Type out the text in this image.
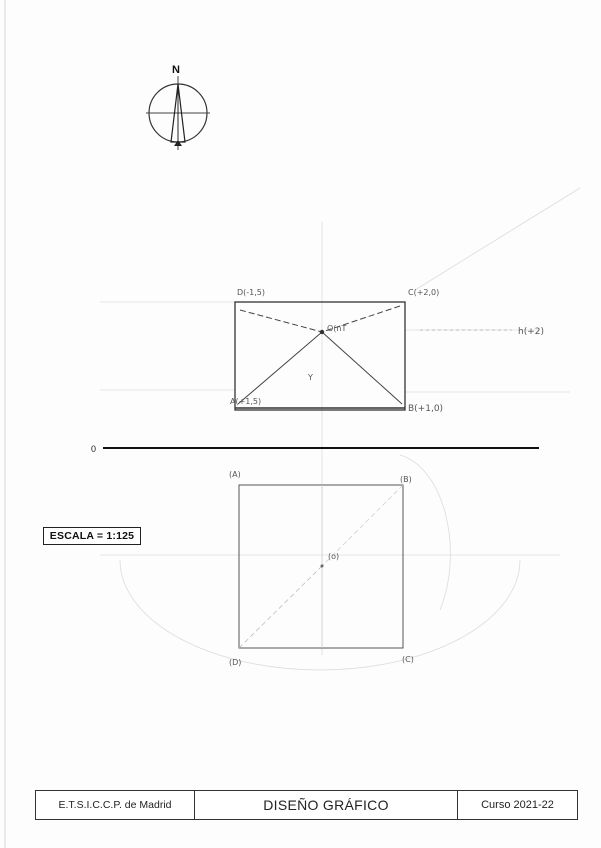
N
D(-1,5)	C(+2,0)
A(+1,5)
B(+1,0)
h(+2)
O(nT
Y
0
(A)
(B)
(o)
(D)	(C)
ESCALA = 1:125
E.T.S.I.C.C.P. de Madrid	DISEÑO GRÁFICO	Curso 2021-22
